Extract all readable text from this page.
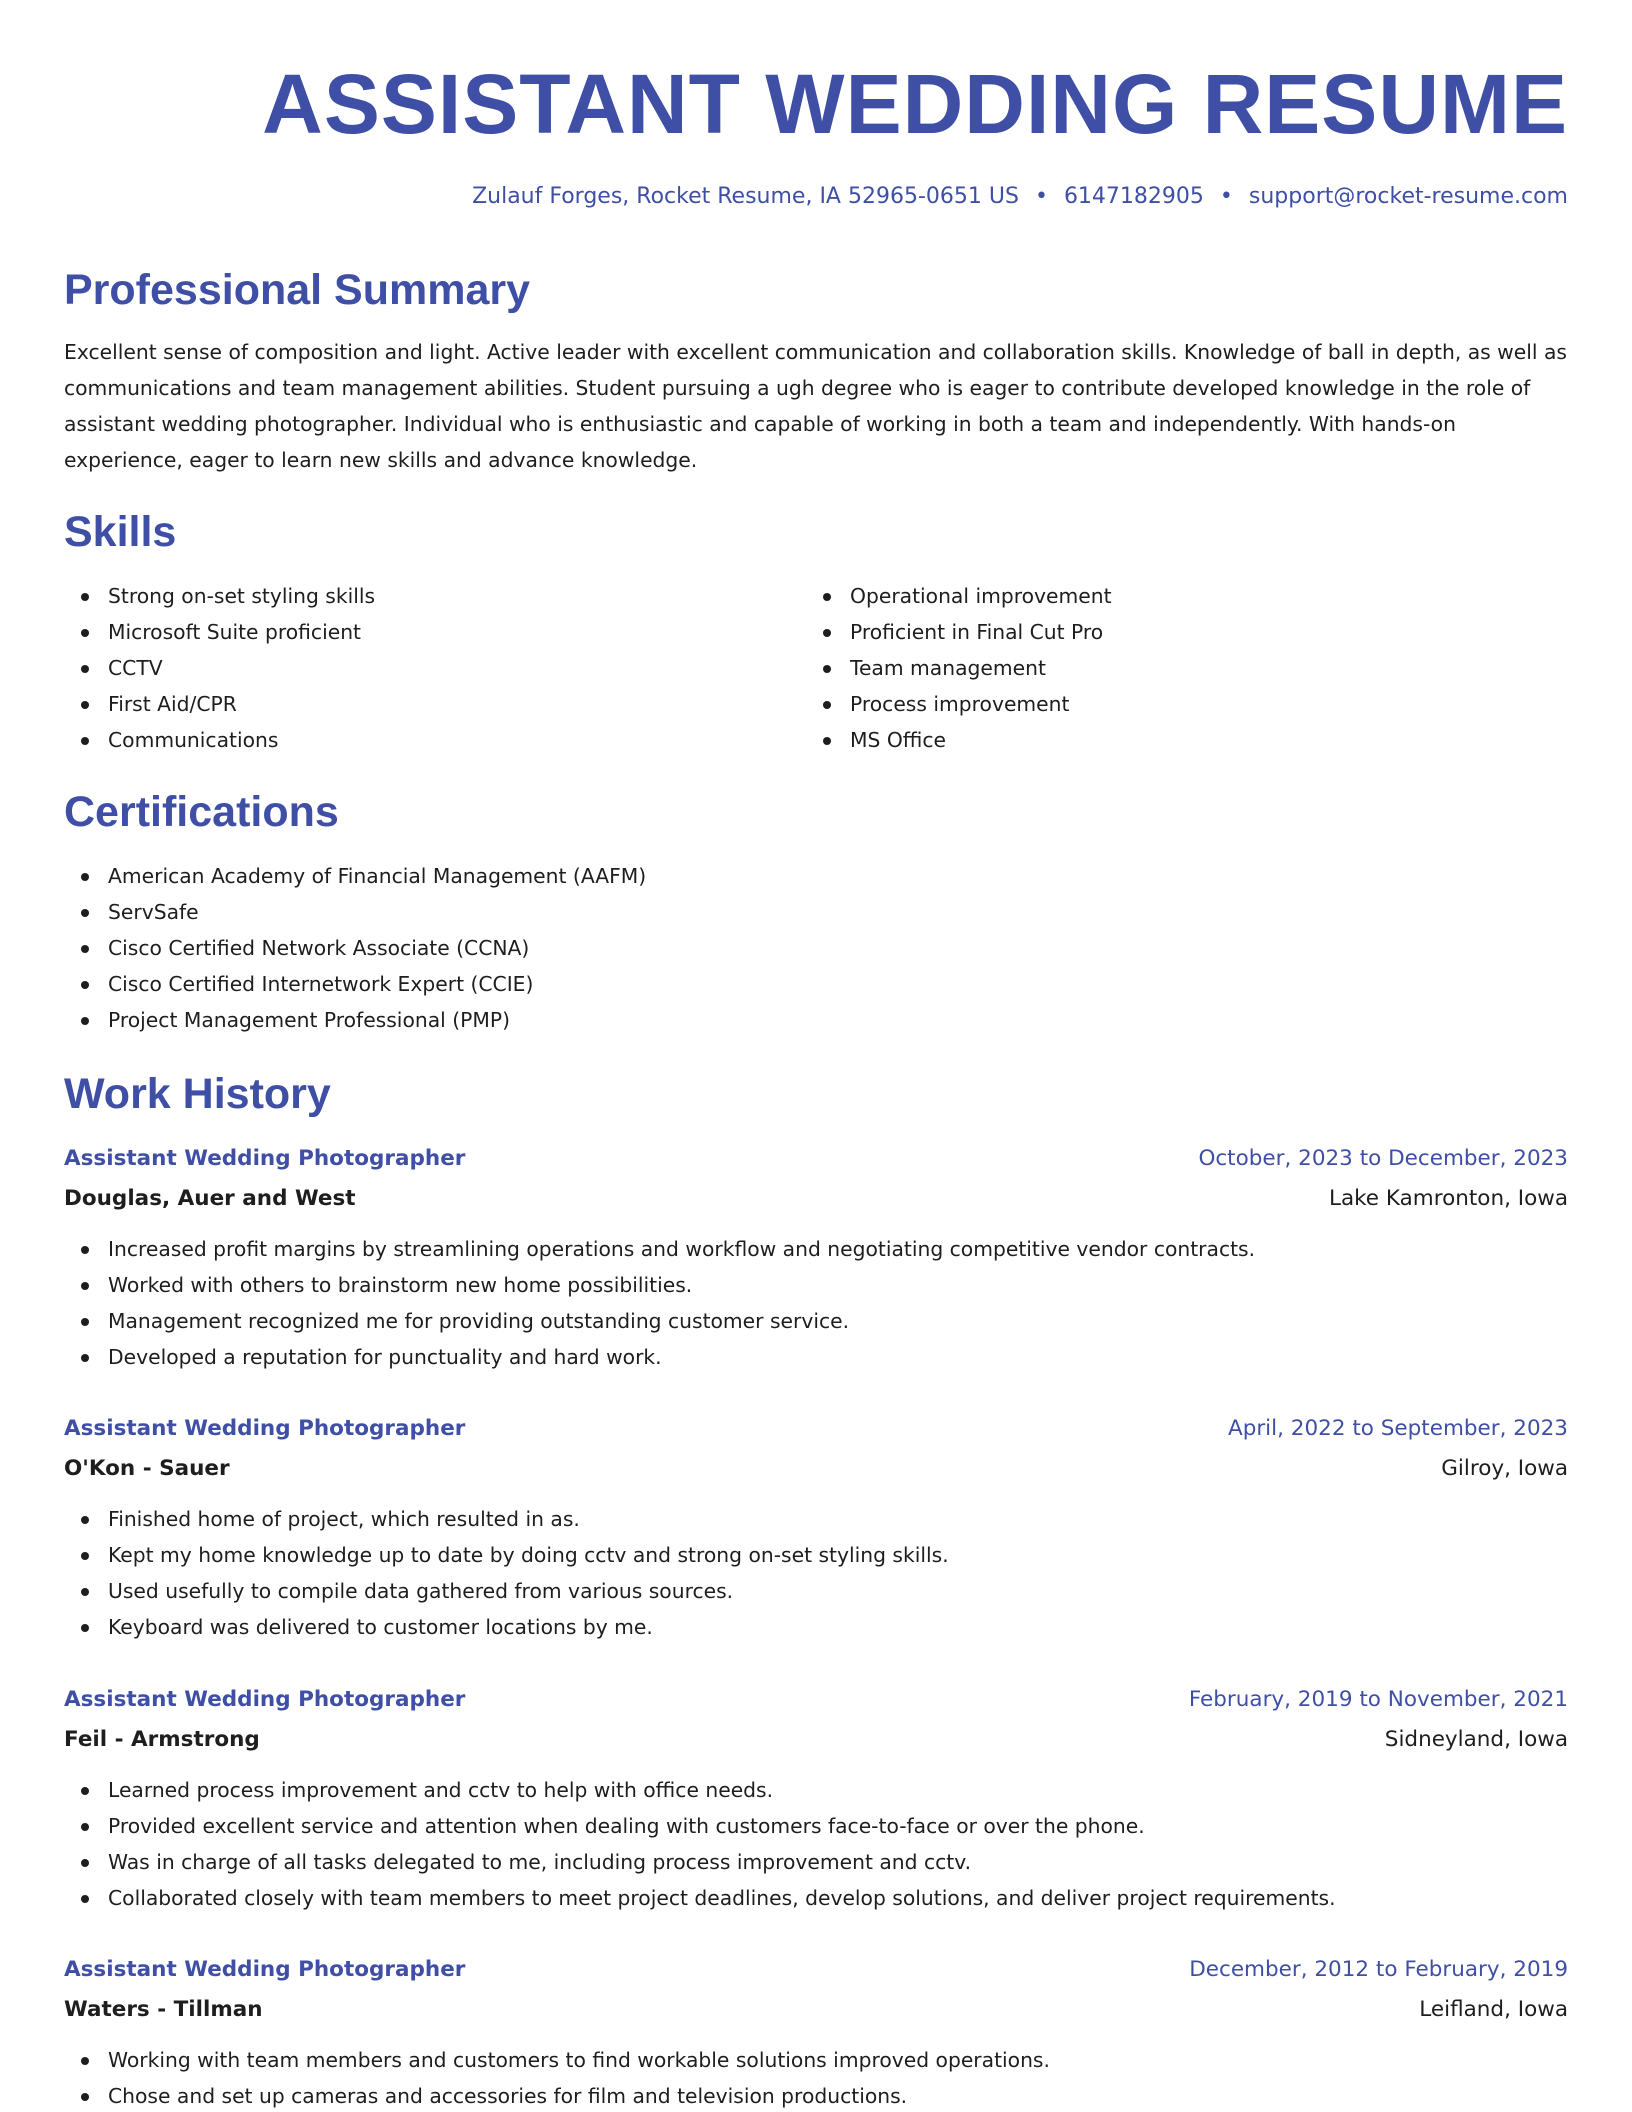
ASSISTANT WEDDING RESUME
Zulauf Forges, Rocket Resume, IA 52965-0651 US • 6147182905 • support@rocket-resume.com
Professional Summary

Excellent sense of composition and light. Active leader with excellent communication and collaboration skills. Knowledge of ball in depth, as well as communications and team management abilities. Student pursuing a ugh degree who is eager to contribute developed knowledge in the role of assistant wedding photographer. Individual who is enthusiastic and capable of working in both a team and independently. With hands-on experience, eager to learn new skills and advance knowledge.

Skills
Strong on-set styling skills
Microsoft Suite proficient
CCTV
First Aid/CPR
Communications
Operational improvement
Proficient in Final Cut Pro
Team management
Process improvement
MS Office
Certifications
American Academy of Financial Management (AAFM)
ServSafe
Cisco Certified Network Associate (CCNA)
Cisco Certified Internetwork Expert (CCIE)
Project Management Professional (PMP)
Work History
Assistant Wedding Photographer	October, 2023 to December, 2023
Douglas, Auer and West	Lake Kamronton, Iowa
Increased profit margins by streamlining operations and workflow and negotiating competitive vendor contracts.
Worked with others to brainstorm new home possibilities.
Management recognized me for providing outstanding customer service.
Developed a reputation for punctuality and hard work.
Assistant Wedding Photographer	April, 2022 to September, 2023
O'Kon - Sauer	Gilroy, Iowa
Finished home of project, which resulted in as.
Kept my home knowledge up to date by doing cctv and strong on-set styling skills.
Used usefully to compile data gathered from various sources.
Keyboard was delivered to customer locations by me.
Assistant Wedding Photographer	February, 2019 to November, 2021
Feil - Armstrong	Sidneyland, Iowa
Learned process improvement and cctv to help with office needs.
Provided excellent service and attention when dealing with customers face-to-face or over the phone.
Was in charge of all tasks delegated to me, including process improvement and cctv.
Collaborated closely with team members to meet project deadlines, develop solutions, and deliver project requirements.
Assistant Wedding Photographer	December, 2012 to February, 2019
Waters - Tillman	Leifland, Iowa
Working with team members and customers to find workable solutions improved operations.
Chose and set up cameras and accessories for film and television productions.
